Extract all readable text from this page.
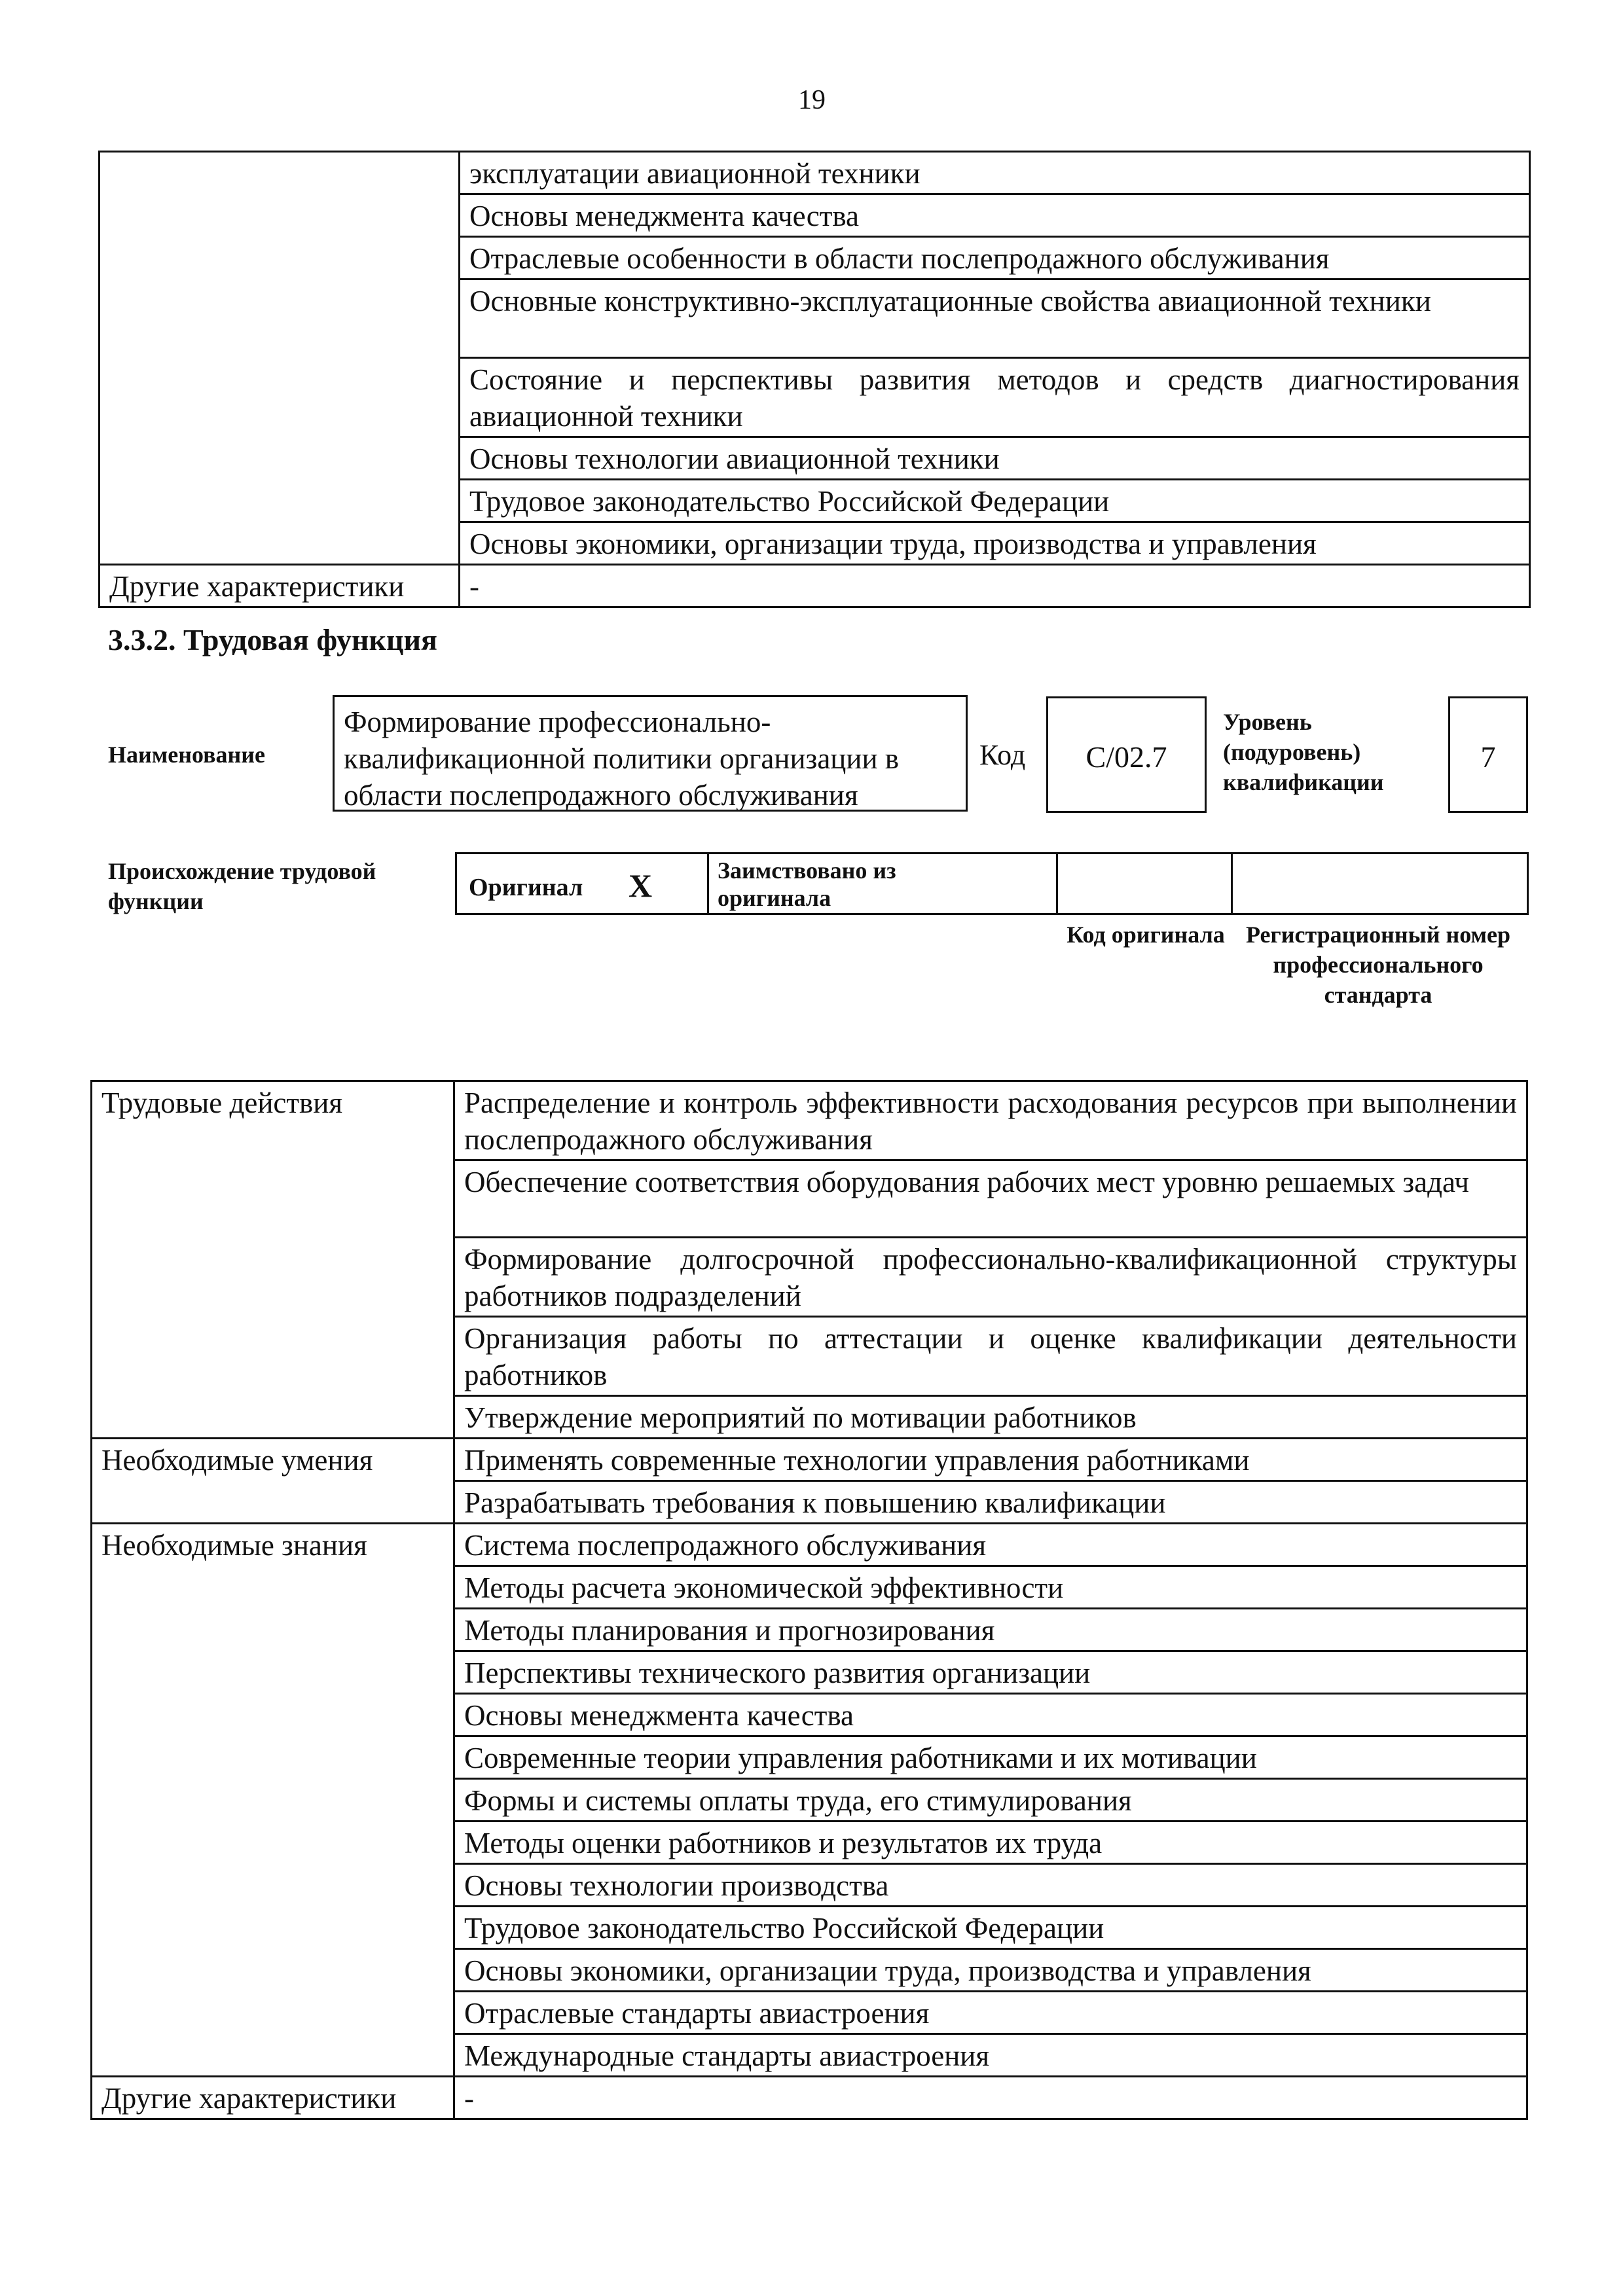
19
	эксплуатации авиационной техники
	Основы менеджмента качества
	Отраслевые особенности в области послепродажного обслуживания
	Основные конструктивно-эксплуатационные свойства авиационной техники
	Состояние и перспективы развития методов и средств диагностирования авиационной техники
	Основы технологии авиационной техники
	Трудовое законодательство Российской Федерации
	Основы экономики, организации труда, производства и управления
Другие характеристики	-
3.3.2. Трудовая функция
Наименование
Формирование профессионально-квалификационной политики организации в области послепродажного обслуживания
Код	C/02.7
Уровень (подуровень) квалификации
7
Происхождение трудовой функции	Оригинал X	Заимствовано из оригинала
Код оригинала Регистрационный номер профессионального стандарта
Трудовые действия	Распределение и контроль эффективности расходования ресурсов при выполнении послепродажного обслуживания
	Обеспечение соответствия оборудования рабочих мест уровню решаемых задач
	Формирование долгосрочной профессионально-квалификационной структуры работников подразделений
	Организация работы по аттестации и оценке квалификации деятельности работников
	Утверждение мероприятий по мотивации работников
Необходимые умения	Применять современные технологии управления работниками
	Разрабатывать требования к повышению квалификации
Необходимые знания	Система послепродажного обслуживания
	Методы расчета экономической эффективности
	Методы планирования и прогнозирования
	Перспективы технического развития организации
	Основы менеджмента качества
	Современные теории управления работниками и их мотивации
	Формы и системы оплаты труда, его стимулирования
	Методы оценки работников и результатов их труда
	Основы технологии производства
	Трудовое законодательство Российской Федерации
	Основы экономики, организации труда, производства и управления
	Отраслевые стандарты авиастроения
	Международные стандарты авиастроения
Другие характеристики	-
